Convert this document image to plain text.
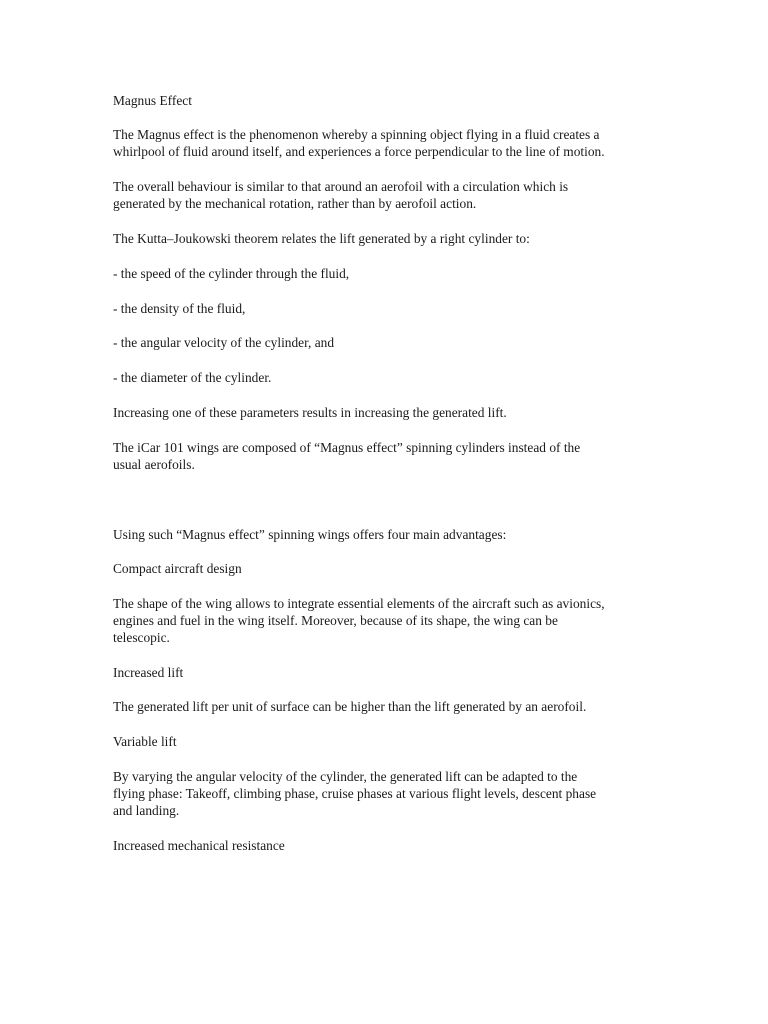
Magnus Effect

The Magnus effect is the phenomenon whereby a spinning object flying in a fluid creates a

whirlpool of fluid around itself, and experiences a force perpendicular to the line of motion.

The overall behaviour is similar to that around an aerofoil with a circulation which is

generated by the mechanical rotation, rather than by aerofoil action.

The Kutta–Joukowski theorem relates the lift generated by a right cylinder to:

- the speed of the cylinder through the fluid,

- the density of the fluid,

- the angular velocity of the cylinder, and

- the diameter of the cylinder.

Increasing one of these parameters results in increasing the generated lift.

The iCar 101 wings are composed of “Magnus effect” spinning cylinders instead of the

usual aerofoils.

Using such “Magnus effect” spinning wings offers four main advantages:

Compact aircraft design

The shape of the wing allows to integrate essential elements of the aircraft such as avionics,

engines and fuel in the wing itself. Moreover, because of its shape, the wing can be

telescopic.

Increased lift

The generated lift per unit of surface can be higher than the lift generated by an aerofoil.

Variable lift

By varying the angular velocity of the cylinder, the generated lift can be adapted to the

flying phase: Takeoff, climbing phase, cruise phases at various flight levels, descent phase

and landing.

Increased mechanical resistance
